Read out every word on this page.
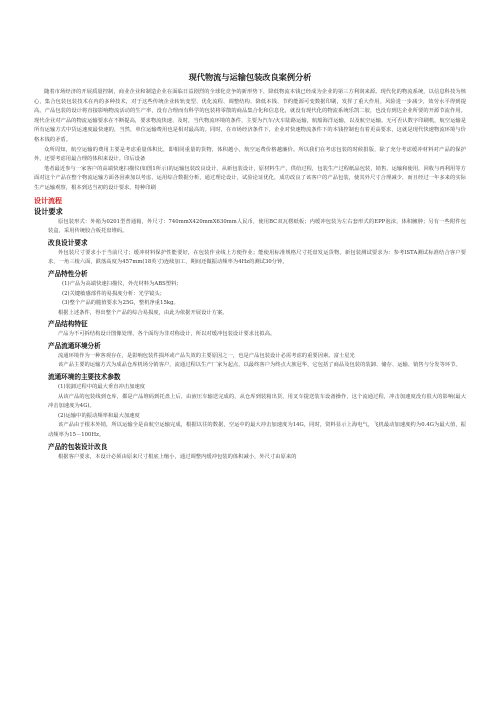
现代物流与运输包装改良案例分析

随着市场经济的开展质量控制，商业企业和制造企业在面临日益剧烈的全球化竞争的新形势下，降低物流本钱已经成为企业的第三方利润来源。现代化的物流系统，以信息科技为核心，集合包装包装技术在内的多种技术，对于这些传统企业转轨变型、优化流程、调整结构、降低本钱、节约能源可变数据印刷，发挥了重大作用。风险进一步减少，效劳水平得到提高。产品包装的设计将直接影响物流活动的生产率，没有合理而有科学的包装将零散的商品集合化和信息化，就没有现代化的物流系统乐凯二胶，也没有到达企业所要的开源节流作用。现代企业对产品的物流运输要求在不断提高，要求物流快速、及时，当代物流环境的条件，主要为汽车/火车陆路运输，航船海洋运输，以及航空运输。无可否认数字印刷机，航空运输是所有运输方式中货运速度最快速的，当然，单位运输费用也是相对最高的。同时，在市场经济条件下，企业对快速物流条件下的本钱控制也有着更高要求，这就是现代快速物流环境与价格本钱的矛盾。

众所周知，航空运输的费用主要是考虑重量体积比，即相同重量的货物，体积越小，航空运费价格越廉价。所以我们在考虑包装的时候捐版，除了充分考虑缓冲材料对产品的保护外，还要考虑用最合理的体积来设计。印后设备

笔者最近参与一家客户的高端快速扫描仪(如图1所示)的运输包装改良设计，从新包装设计，原材料生产，供给过程，包装生产过程纸品包装，销售、运输和使用，回收与再利用等方面对这个产品在整个物流运输方面各因素加以考虑，运用综合数据分析，通过理论设计，试验论证优化，成功改良了该客户的产品包装，使其外尺寸合理减少，而且经过一年多来的实际生产运输观察，根本到达当初的设计要求。特种印刷

设计流程
设计要求

原包装形式：外箱为0201型普通箱，外尺寸：740mmX420mmX630mm人民币，使用BC双瓦楞纸板；内缓冲包装为左右套形式的EPP泡沫，体积臃肿；另有一些附件包装盒，采用传统胶合板托盘堆码。

改良设计要求

外包装尺寸要求小于当前尺寸；缓冲材料保护性能要好，在包装作业线上方便作业；能使用标准规格尺寸托盘发运货物。新包装测试要求为：参考ISTA测试标准结合客户要求，一角三棱六面，跌落高度为457mm(18英寸)连续加工，期间还做振动频率为4Hz的测试30分钟。

产品特性分析

(1)产品为高端快速扫描仪，外壳材料为ABS塑料；

(2)关键敏感部件的易损度分析：光学镜头；

(3)整个产品的脆值要求为25G，整机净重15kg。

根据上述条件，得出整个产品的综合易损度，由此为依据开展设计方案。

产品结构特征

产品为不可拆结构设计图像处理，各个面均为非对称设计，所以对缓冲包装设计要求比拟高。

产品流通环境分析

流通环境作为一种客观存在，是影响包装件损坏或产品失效的主要原因之一，也是产品包装设计必需考虑的重要因素。富士星光

该产品主要的运输方式为成品仓库机场分销客户，流通过程以生产厂家为起点，以最终客户为终点大族冠华，它包括了商品及包装的装卸、储存、运输、销售与分发等环节。

流通环境的主要技术参数

(1)装卸过程中的最大垂直冲击加速度

从该产品的包装线到仓库，都是产品堆码到托盘上后，由液压车输送完成的，从仓库到装箱出货，用叉车提送装车设备操作，这个流通过程，冲击加速度没有很大的影响(最大冲击加速度为4G)。

(2)运输中的振动频率和最大加速度

该产品由于根本外销，所以运输全是由航空运输完成，根据以往的数据，空运中的最大冲击加速度为14G，同时，资料显示上海电气，飞机最动加速度约为0.4G为最大值，振动频率为15－100Hz。

产品的包装设计改良

根据客户要求，本设计必须由原来尺寸根底上缩小，通过调整内缓冲包装的体积减小，外尺寸由原来的
